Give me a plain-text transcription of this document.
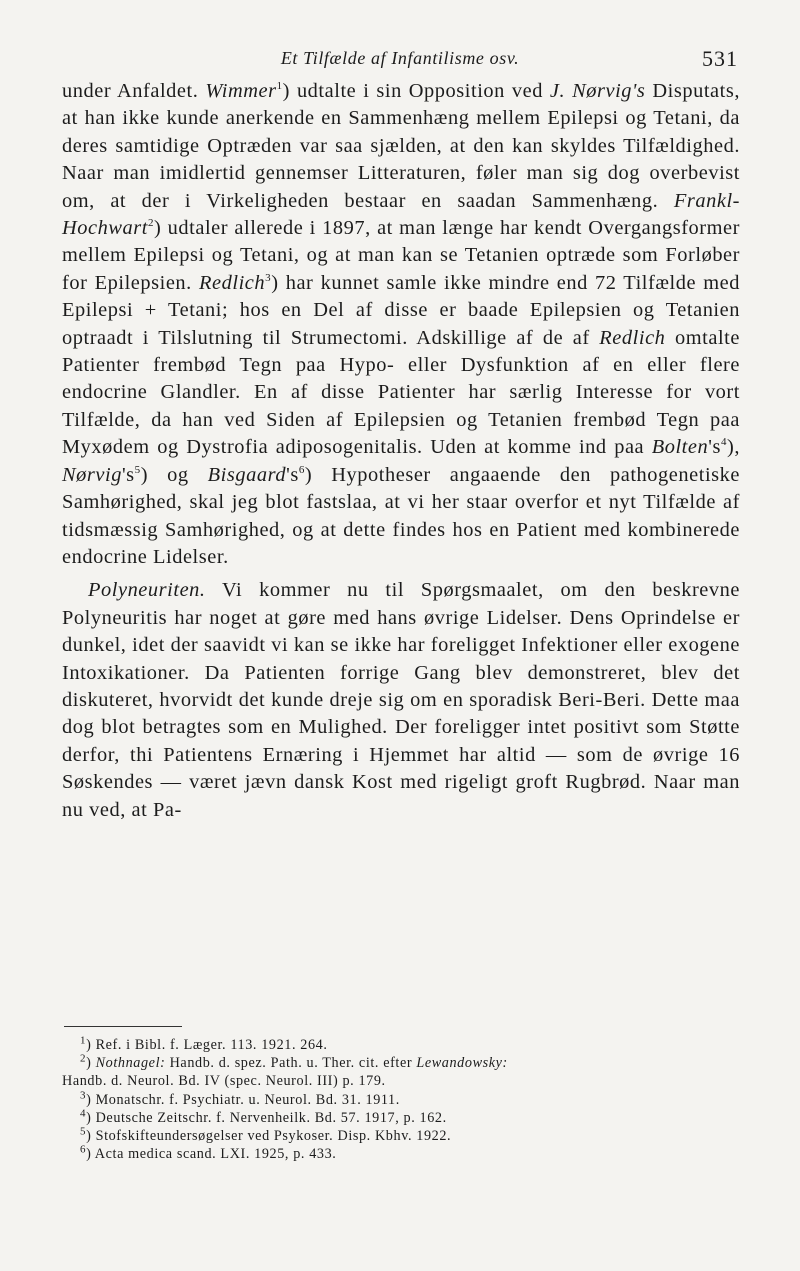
Et Tilfælde af Infantilisme osv.	531

under Anfaldet. Wimmer$^1$) udtalte i sin Opposition ved J. Nørvig's Disputats, at han ikke kunde anerkende en Sammenhæng mellem Epilepsi og Tetani, da deres samtidige Optræden var saa sjælden, at den kan skyldes Tilfældighed. Naar man imidlertid gennemser Litteraturen, føler man sig dog overbevist om, at der i Virkeligheden bestaar en saadan Sammenhæng. Frankl-Hochwart$^2$) udtaler allerede i 1897, at man længe har kendt Overgangsformer mellem Epilepsi og Tetani, og at man kan se Tetanien optræde som Forløber for Epilepsien. Redlich$^3$) har kunnet samle ikke mindre end 72 Tilfælde med Epilepsi + Tetani; hos en Del af disse er baade Epilepsien og Tetanien optraadt i Tilslutning til Strumectomi. Adskillige af de af Redlich omtalte Patienter frembød Tegn paa Hypo- eller Dysfunktion af en eller flere endocrine Glandler. En af disse Patienter har særlig Interesse for vort Tilfælde, da han ved Siden af Epilepsien og Tetanien frembød Tegn paa Myxødem og Dystrofia adiposogenitalis. Uden at komme ind paa $Bolten's^4$), $Nørvig's^5$) og $Bisgaard's^6$) Hypotheser angaaende den pathogenetiske Samhørighed, skal jeg blot fastslaa, at vi her staar overfor et nyt Tilfælde af tidsmæssig Samhørighed, og at dette findes hos en Patient med kombinerede endocrine Lidelser.

Polyneuriten. Vi kommer nu til Spørgsmaalet, om den beskrevne Polyneuritis har noget at gøre med hans øvrige Lidelser. Dens Oprindelse er dunkel, idet der saavidt vi kan se ikke har foreligget Infektioner eller exogene Intoxikationer. Da Patienten forrige Gang blev demonstreret, blev det diskuteret, hvorvidt det kunde dreje sig om en sporadisk Beri-Beri. Dette maa dog blot betragtes som en Mulighed. Der foreligger intet positivt som Støtte derfor, thi Patientens Ernæring i Hjemmet har altid — som de øvrige 16 Søskendes — været jævn dansk Kost med rigeligt groft Rugbrød. Naar man nu ved, at Pa-

$^1$) Ref. i Bibl. f. Læger. 113. 1921. 264.
$^2$) Nothnagel: Handb. d. spez. Path. u. Ther. cit. efter Lewandowsky:
Handb. d. Neurol. Bd. IV (spec. Neurol. III) p. 179.
$^3$) Monatschr. f. Psychiatr. u. Neurol. Bd. 31. 1911.
$^4$) Deutsche Zeitschr. f. Nervenheilk. Bd. 57. 1917, p. 162.
$^5$) Stofskifteundersøgelser ved Psykoser. Disp. Kbhv. 1922.
$^6$) Acta medica scand. LXI. 1925, p. 433.
